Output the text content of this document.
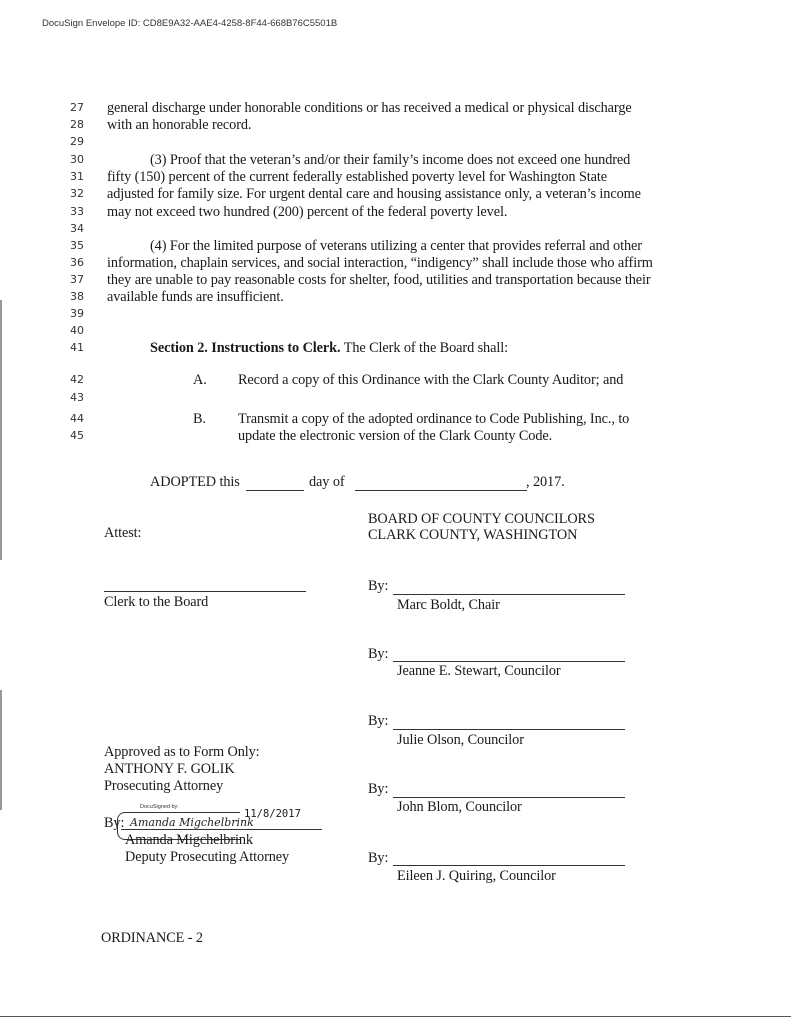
DocuSign Envelope ID: CD8E9A32-AAE4-4258-8F44-668B76C5501B
27
28
29
30
31
32
33
34
35
36
37
38
39
40
41
42
43
44
45
general discharge under honorable conditions or has received a medical or physical discharge
with an honorable record.
(3) Proof that the veteran’s and/or their family’s income does not exceed one hundred
fifty (150) percent of the current federally established poverty level for Washington State
adjusted for family size. For urgent dental care and housing assistance only, a veteran’s income
may not exceed two hundred (200) percent of the federal poverty level.
(4) For the limited purpose of veterans utilizing a center that provides referral and other
information, chaplain services, and social interaction, “indigency” shall include those who affirm
they are unable to pay reasonable costs for shelter, food, utilities and transportation because their
available funds are insufficient.
Section 2. Instructions to Clerk. The Clerk of the Board shall:
A. Record a copy of this Ordinance with the Clark County Auditor; and
B. Transmit a copy of the adopted ordinance to Code Publishing, Inc., to
update the electronic version of the Clark County Code.
ADOPTED this	day of	, 2017.
BOARD OF COUNTY COUNCILORS
CLARK COUNTY, WASHINGTON
Attest:
Clerk to the Board
By:
Marc Boldt, Chair
By:
Jeanne E. Stewart, Councilor
By:
Julie Olson, Councilor
By:
John Blom, Councilor
By:
Eileen J. Quiring, Councilor
Approved as to Form Only:
ANTHONY F. GOLIK
Prosecuting Attorney
By:
DocuSigned by:
Amanda Migchelbrink
11/8/2017
Amanda Migchelbrink
Deputy Prosecuting Attorney
ORDINANCE - 2
